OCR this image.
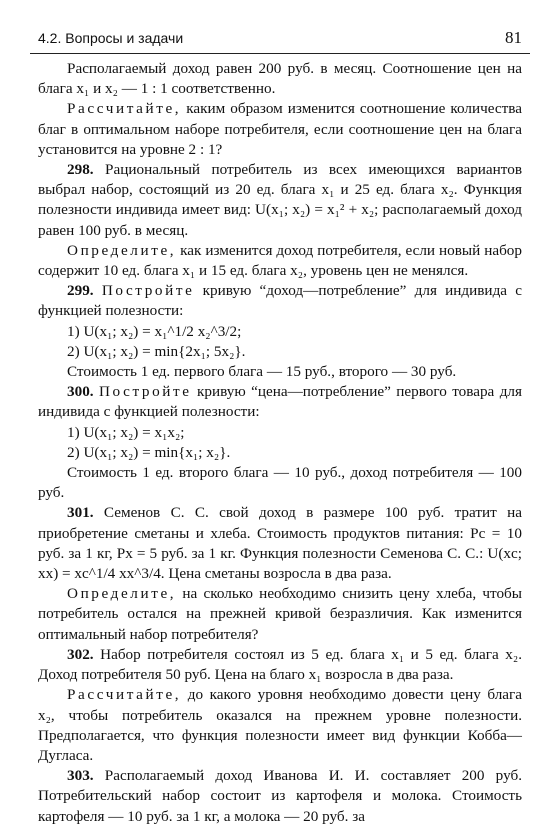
4.2. Вопросы и задачи	81

Располагаемый доход равен 200 руб. в месяц. Соотношение цен на блага x₁ и x₂ — 1 : 1 соответственно.

Рассчитайте, каким образом изменится соотношение количества благ в оптимальном наборе потребителя, если соотношение цен на блага установится на уровне 2 : 1?

298. Рациональный потребитель из всех имеющихся вариантов выбрал набор, состоящий из 20 ед. блага x₁ и 25 ед. блага x₂. Функция полезности индивида имеет вид: U(x₁; x₂) = x₁² + x₂; располагаемый доход равен 100 руб. в месяц.

Определите, как изменится доход потребителя, если новый набор содержит 10 ед. блага x₁ и 15 ед. блага x₂, уровень цен не менялся.

299. Постройте кривую “доход—потребление” для индивида с функцией полезности:

1) U(x₁; x₂) = x₁^1/2 x₂^3/2;

2) U(x₁; x₂) = min{2x₁; 5x₂}.

Стоимость 1 ед. первого блага — 15 руб., второго — 30 руб.

300. Постройте кривую “цена—потребление” первого товара для индивида с функцией полезности:

1) U(x₁; x₂) = x₁x₂;

2) U(x₁; x₂) = min{x₁; x₂}.

Стоимость 1 ед. второго блага — 10 руб., доход потребителя — 100 руб.

301. Семенов С. С. свой доход в размере 100 руб. тратит на приобретение сметаны и хлеба. Стоимость продуктов питания: Pс = 10 руб. за 1 кг, Pх = 5 руб. за 1 кг. Функция полезности Семенова С. С.: U(xс; xх) = xс^1/4 xх^3/4. Цена сметаны возросла в два раза.

Определите, на сколько необходимо снизить цену хлеба, чтобы потребитель остался на прежней кривой безразличия. Как изменится оптимальный набор потребителя?

302. Набор потребителя состоял из 5 ед. блага x₁ и 5 ед. блага x₂. Доход потребителя 50 руб. Цена на благо x₁ возросла в два раза.

Рассчитайте, до какого уровня необходимо довести цену блага x₂, чтобы потребитель оказался на прежнем уровне полезности. Предполагается, что функция полезности имеет вид функции Кобба—Дугласа.

303. Располагаемый доход Иванова И. И. составляет 200 руб. Потребительский набор состоит из картофеля и молока. Стоимость картофеля — 10 руб. за 1 кг, а молока — 20 руб. за
